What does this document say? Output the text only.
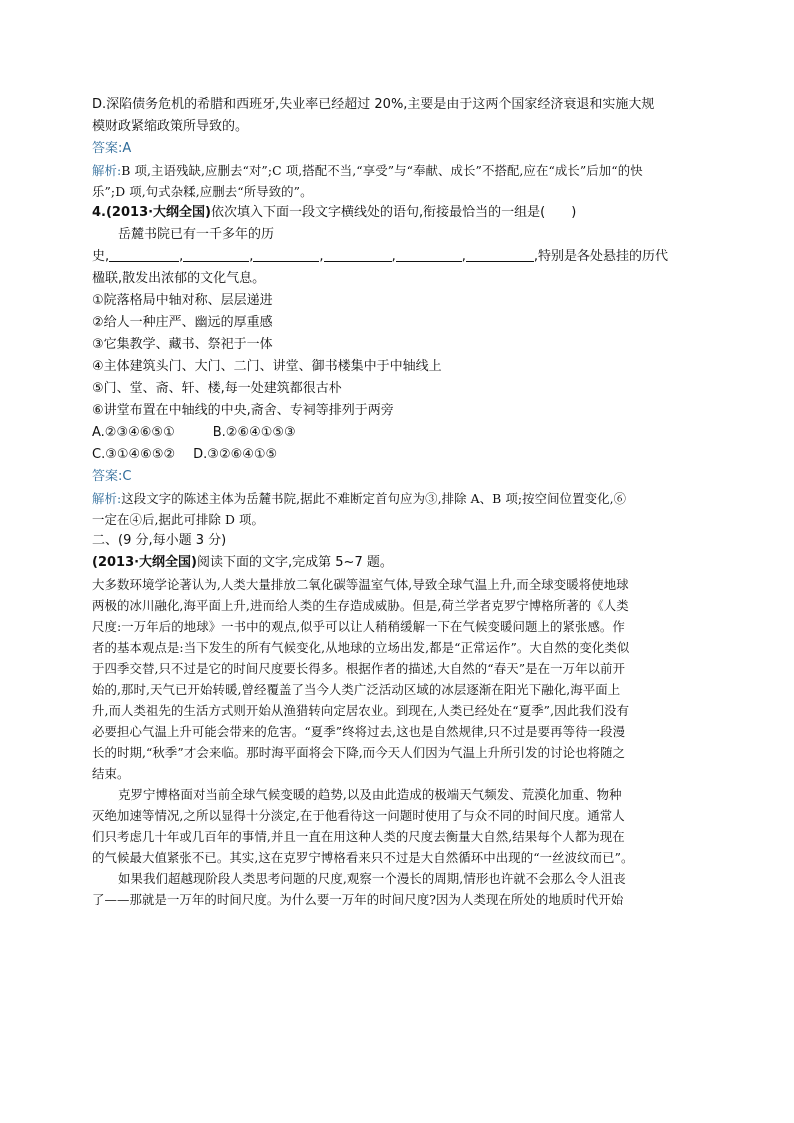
D.深陷债务危机的希腊和西班牙,失业率已经超过 20%,主要是由于这两个国家经济衰退和实施大规
模财政紧缩政策所导致的。
答案:A
解析:B 项,主语残缺,应删去“对”;C 项,搭配不当,“享受”与“奉献、成长”不搭配,应在“成长”后加“的快
乐”;D 项,句式杂糅,应删去“所导致的”。
4.(2013·大纲全国)依次填入下面一段文字横线处的语句,衔接最恰当的一组是(　　)
岳麓书院已有一千多年的历
史,	,	,	,	,	,	,特别是各处悬挂的历代
楹联,散发出浓郁的文化气息。
①院落格局中轴对称、层层递进
②给人一种庄严、幽远的厚重感
③它集教学、藏书、祭祀于一体
④主体建筑头门、大门、二门、讲堂、御书楼集中于中轴线上
⑤门、堂、斋、轩、楼,每一处建筑都很古朴
⑥讲堂布置在中轴线的中央,斋舍、专祠等排列于两旁
A.②③④⑥⑤①	B.②⑥④①⑤③
C.③①④⑥⑤② D.③②⑥④①⑤
答案:C
解析:这段文字的陈述主体为岳麓书院,据此不难断定首句应为③,排除 A、B 项;按空间位置变化,⑥
一定在④后,据此可排除 D 项。
二、(9 分,每小题 3 分)
(2013·大纲全国)阅读下面的文字,完成第 5~7 题。
大多数环境学论著认为,人类大量排放二氧化碳等温室气体,导致全球气温上升,而全球变暖将使地球
两极的冰川融化,海平面上升,进而给人类的生存造成威胁。但是,荷兰学者克罗宁博格所著的《人类
尺度:一万年后的地球》一书中的观点,似乎可以让人稍稍缓解一下在气候变暖问题上的紧张感。作
者的基本观点是:当下发生的所有气候变化,从地球的立场出发,都是“正常运作”。大自然的变化类似
于四季交替,只不过是它的时间尺度要长得多。根据作者的描述,大自然的“春天”是在一万年以前开
始的,那时,天气已开始转暖,曾经覆盖了当今人类广泛活动区域的冰层逐渐在阳光下融化,海平面上
升,而人类祖先的生活方式则开始从渔猎转向定居农业。到现在,人类已经处在“夏季”,因此我们没有
必要担心气温上升可能会带来的危害。“夏季”终将过去,这也是自然规律,只不过是要再等待一段漫
长的时期,“秋季”才会来临。那时海平面将会下降,而今天人们因为气温上升所引发的讨论也将随之
结束。
克罗宁博格面对当前全球气候变暖的趋势,以及由此造成的极端天气频发、荒漠化加重、物种
灭绝加速等情况,之所以显得十分淡定,在于他看待这一问题时使用了与众不同的时间尺度。通常人
们只考虑几十年或几百年的事情,并且一直在用这种人类的尺度去衡量大自然,结果每个人都为现在
的气候最大值紧张不已。其实,这在克罗宁博格看来只不过是大自然循环中出现的“一丝波纹而已”。
如果我们超越现阶段人类思考问题的尺度,观察一个漫长的周期,情形也许就不会那么令人沮丧
了——那就是一万年的时间尺度。为什么要一万年的时间尺度?因为人类现在所处的地质时代开始
